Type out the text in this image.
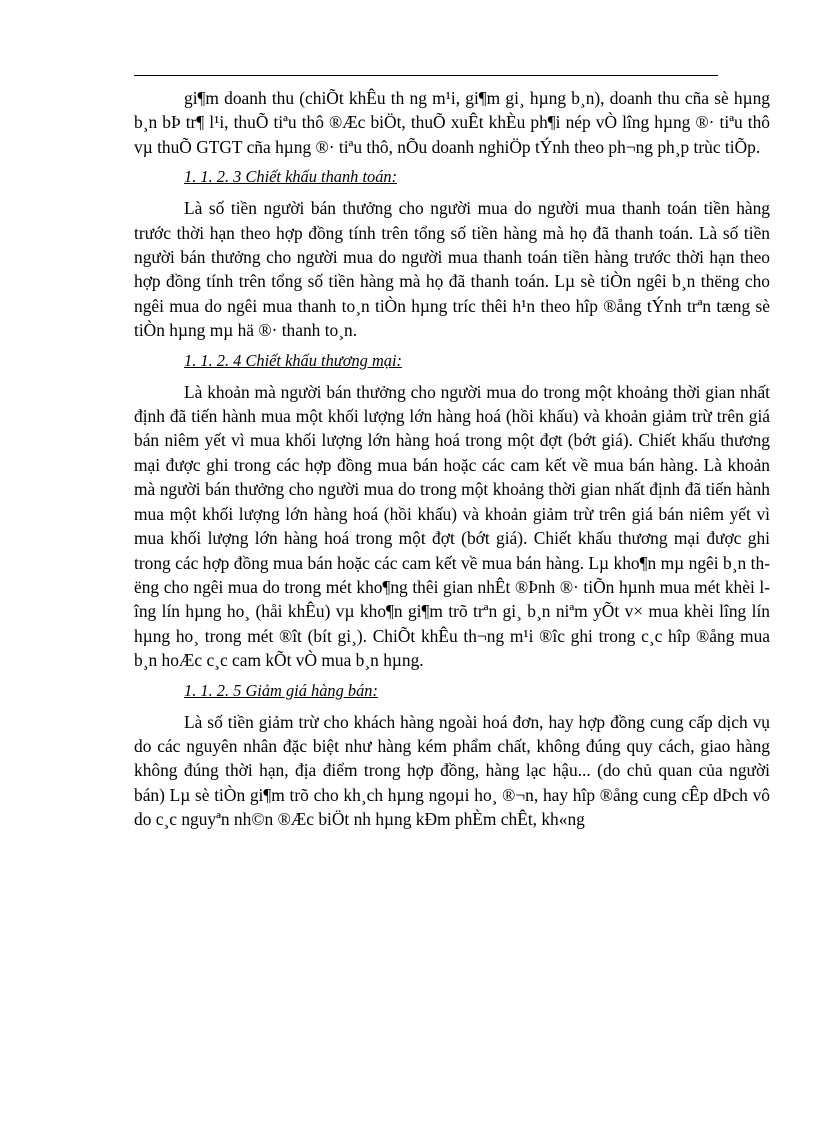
gi¶m doanh thu (chiÕt khÊu th ng m¹i, gi¶m gi¸ hµng b¸n), doanh thu cña sè hµng b¸n bÞ tr¶ l¹i, thuÕ tiªu thô ®Æc biÖt, thuÕ xuÊt khÈu ph¶i nép vÒ lîng hµng ®· tiªu thô vµ thuÕ GTGT cña hµng ®· tiªu thô, nÕu doanh nghiÖp tÝnh theo ph¬ng ph¸p trùc tiÕp.

1. 1. 2. 3 Chiết khấu thanh toán:

Là số tiền người bán thưởng cho người mua do người mua thanh toán tiền hàng trước thời hạn theo hợp đồng tính trên tổng số tiền hàng mà họ đã thanh toán. Là số tiền người bán thưởng cho người mua do người mua thanh toán tiền hàng trước thời hạn theo hợp đồng tính trên tổng số tiền hàng mà họ đã thanh toán. Lµ sè tiÒn ngêi b¸n thëng cho ngêi mua do ngêi mua thanh to¸n tiÒn hµng tríc thêi h¹n theo hîp ®ång tÝnh trªn tæng sè tiÒn hµng mµ hä ®· thanh to¸n.

1. 1. 2. 4 Chiết khấu thương mại:

Là khoản mà người bán thưởng cho người mua do trong một khoảng thời gian nhất định đã tiến hành mua một khối lượng lớn hàng hoá (hồi khấu) và khoản giảm trừ trên giá bán niêm yết vì mua khối lượng lớn hàng hoá trong một đợt (bớt giá). Chiết khấu thương mại được ghi trong các hợp đồng mua bán hoặc các cam kết về mua bán hàng. Là khoản mà người bán thưởng cho người mua do trong một khoảng thời gian nhất định đã tiến hành mua một khối lượng lớn hàng hoá (hồi khấu) và khoản giảm trừ trên giá bán niêm yết vì mua khối lượng lớn hàng hoá trong một đợt (bớt giá). Chiết khấu thương mại được ghi trong các hợp đồng mua bán hoặc các cam kết về mua bán hàng. Lµ kho¶n mµ ngêi b¸n thëng cho ngêi mua do trong mét kho¶ng thêi gian nhÊt ®Þnh ®· tiÕn hµnh mua mét khèi lîng lín hµng ho¸ (håi khÊu) vµ kho¶n gi¶m trõ trªn gi¸ b¸n niªm yÕt v× mua khèi lîng lín hµng ho¸ trong mét ®ît (bít gi¸). ChiÕt khÊu th¬ng m¹i ®îc ghi trong c¸c hîp ®ång mua b¸n hoÆc c¸c cam kÕt vÒ mua b¸n hµng.

1. 1. 2. 5 Giảm giá hàng bán:

Là số tiền giảm trừ cho khách hàng ngoài hoá đơn, hay hợp đồng cung cấp dịch vụ do các nguyên nhân đặc biệt như hàng kém phẩm chất, không đúng quy cách, giao hàng không đúng thời hạn, địa điểm trong hợp đồng, hàng lạc hậu... (do chủ quan của người bán) Lµ sè tiÒn gi¶m trõ cho kh¸ch hµng ngoµi ho¸ ®¬n, hay hîp ®ång cung cÊp dÞch vô do c¸c nguyªn nh©n ®Æc biÖt nh hµng kÐm phÈm chÊt, kh«ng
